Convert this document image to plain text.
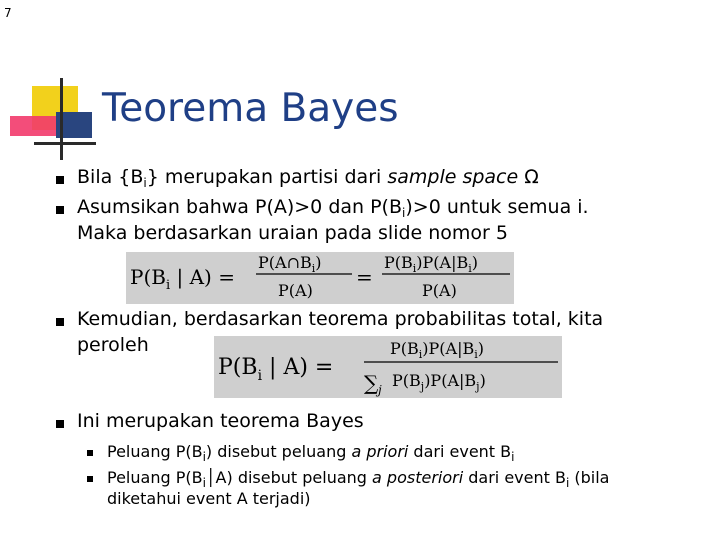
7
Teorema Bayes
Bila $\{B_i\}$ merupakan partisi dari sample space Ω
Asumsikan bahwa P(A)>0 dan $P(B_i)>0$ untuk semua i.
Maka berdasarkan uraian pada slide nomor 5
$P(B_i$ | A) =
$P(A\cap B_i)$
P(A)
=
$P(B_i)P(A|B_i)$
P(A)
Kemudian, berdasarkan teorema probabilitas total, kita
peroleh
$P(B_i$ | A) =
$P(B_i)P(A|B_i)$
∑ j $P(B_j)P(A|B_j)$
Ini merupakan teorema Bayes
Peluang $P(B_i)$ disebut peluang a priori dari event $B_i$
Peluang $P(B_i│A)$ disebut peluang a posteriori dari event $B_i$ (bila
diketahui event A terjadi)
